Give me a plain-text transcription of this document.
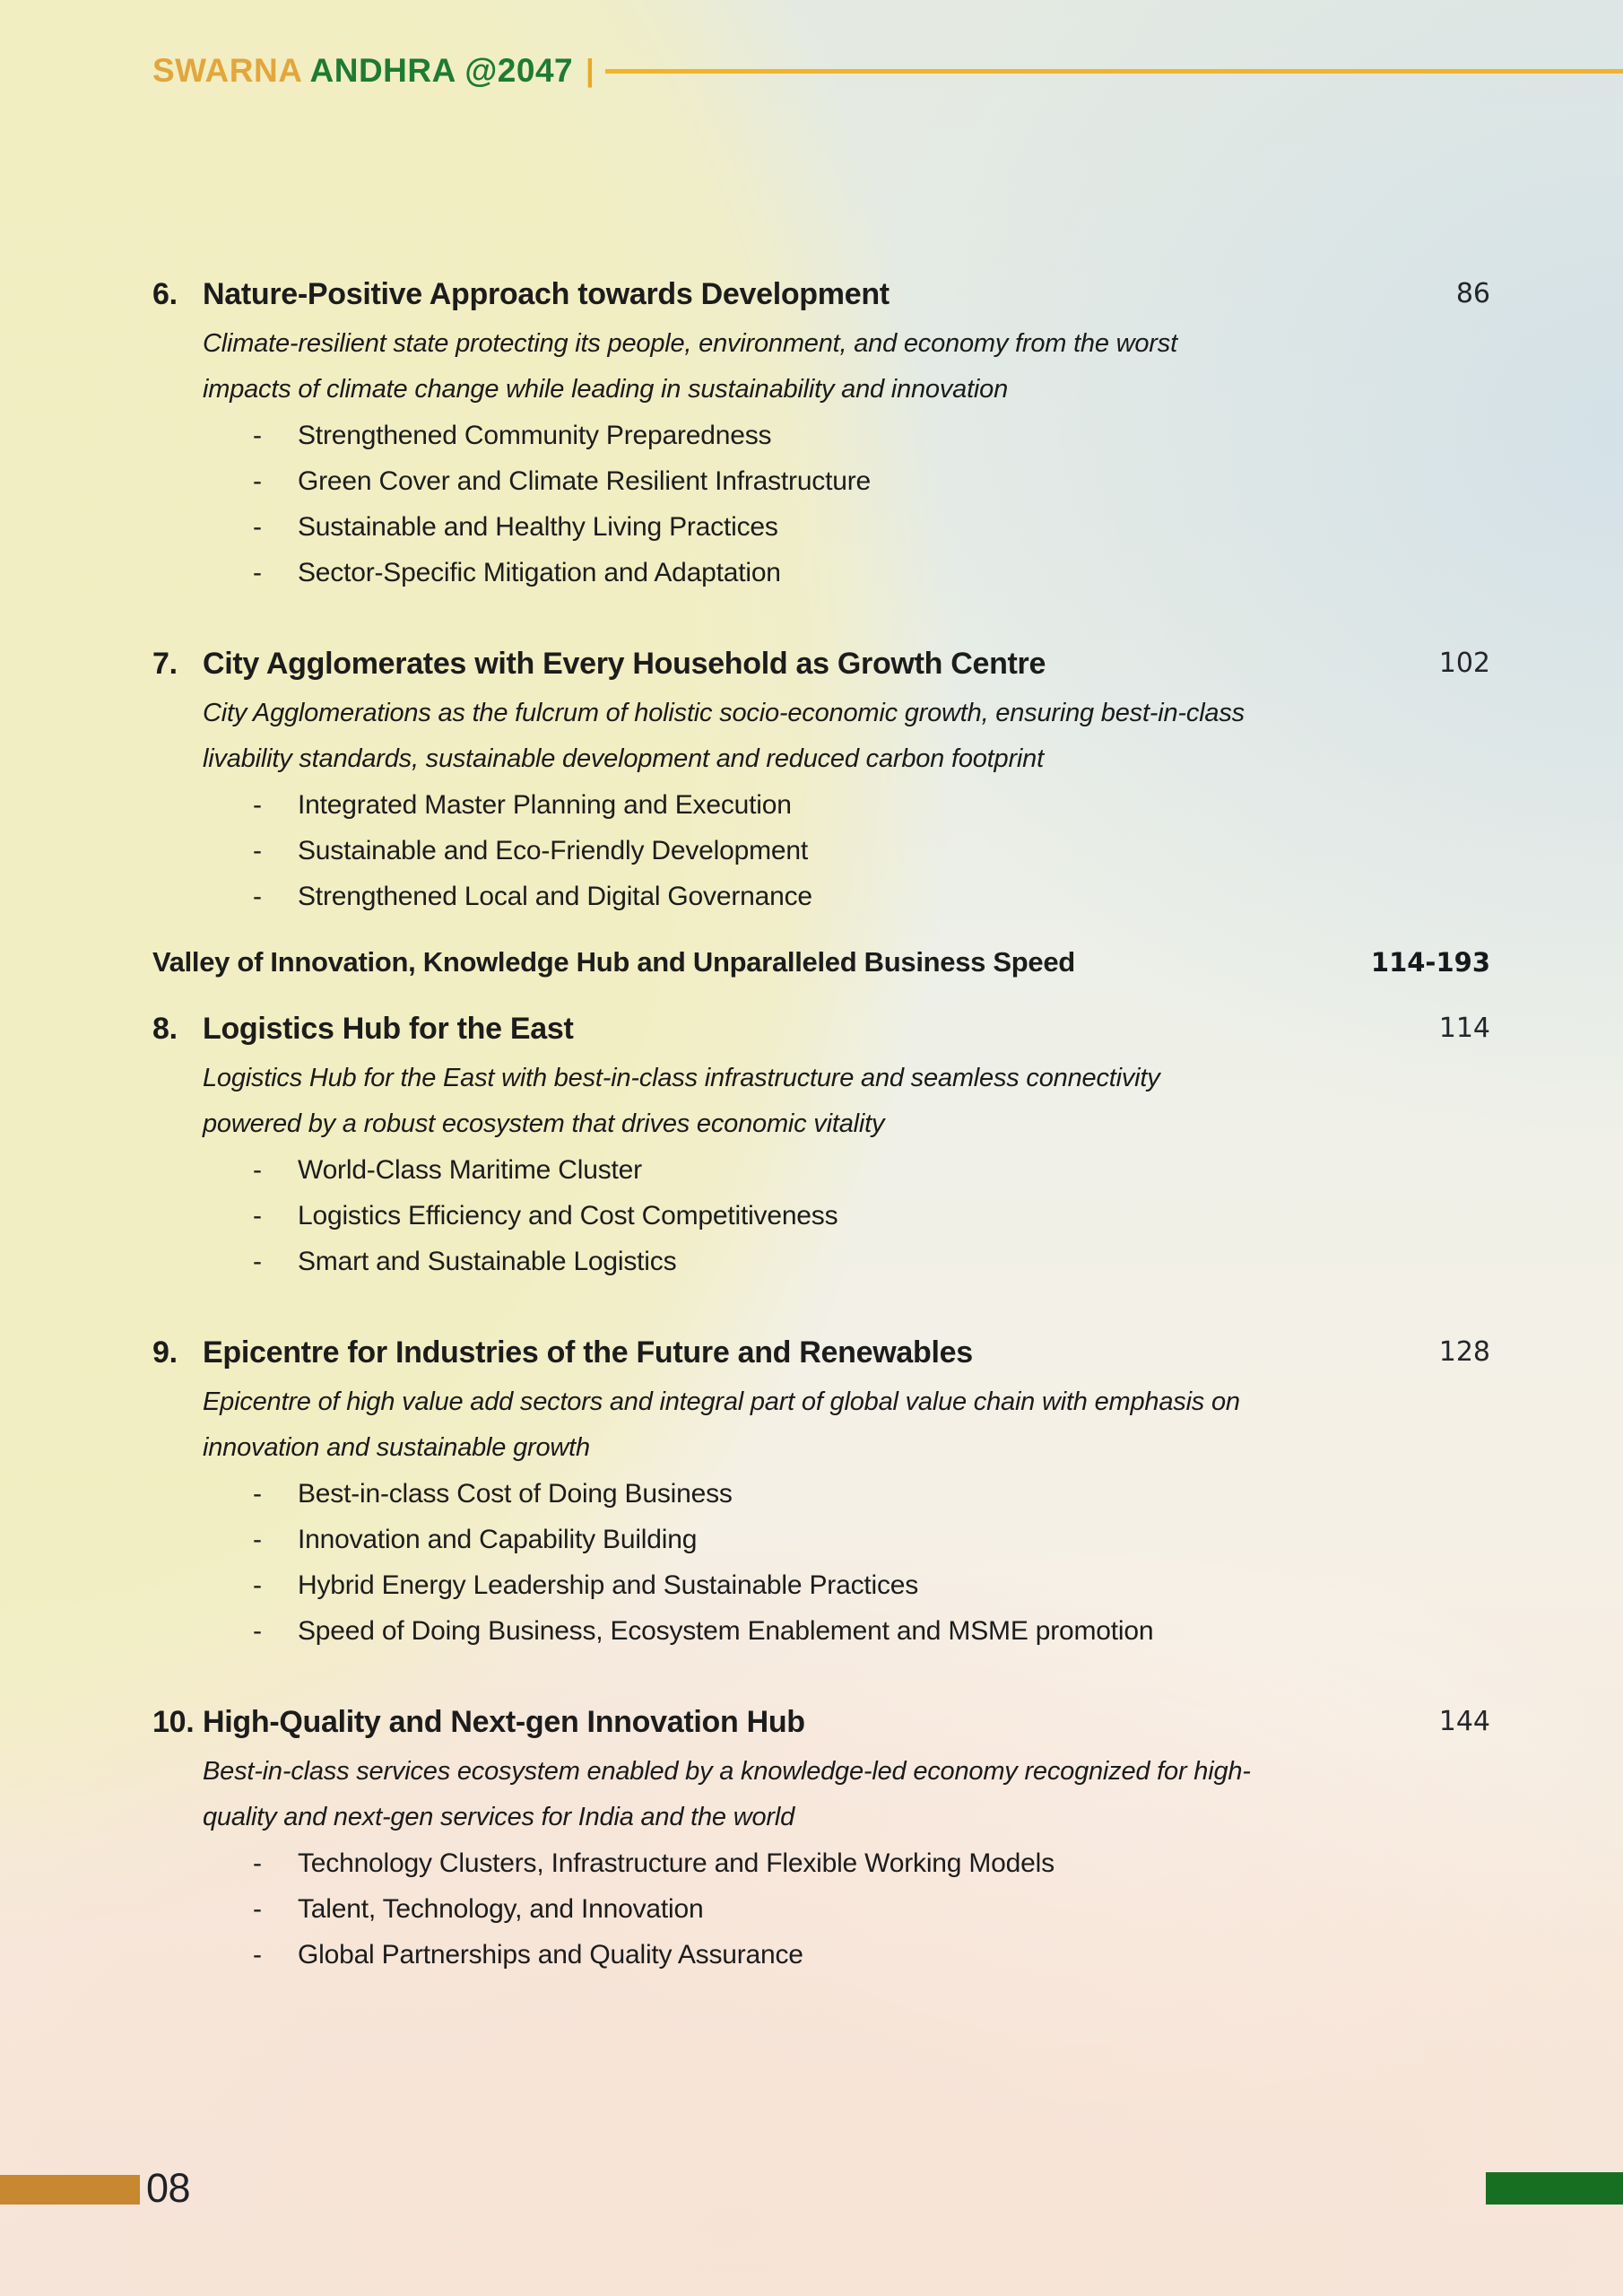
SWARNA ANDHRA @2047 |
6. Nature-Positive Approach towards Development	86

Climate-resilient state protecting its people, environment, and economy from the worst impacts of climate change while leading in sustainability and innovation

-	Strengthened Community Preparedness
-	Green Cover and Climate Resilient Infrastructure
-	Sustainable and Healthy Living Practices
-	Sector-Specific Mitigation and Adaptation
7. City Agglomerates with Every Household as Growth Centre	102

City Agglomerations as the fulcrum of holistic socio-economic growth, ensuring best-in-class livability standards, sustainable development and reduced carbon footprint

-	Integrated Master Planning and Execution
-	Sustainable and Eco-Friendly Development
-	Strengthened Local and Digital Governance
Valley of Innovation, Knowledge Hub and Unparalleled Business Speed	114-193
8. Logistics Hub for the East	114

Logistics Hub for the East with best-in-class infrastructure and seamless connectivity powered by a robust ecosystem that drives economic vitality

-	World-Class Maritime Cluster
-	Logistics Efficiency and Cost Competitiveness
-	Smart and Sustainable Logistics
9. Epicentre for Industries of the Future and Renewables	128

Epicentre of high value add sectors and integral part of global value chain with emphasis on innovation and sustainable growth

-	Best-in-class Cost of Doing Business
-	Innovation and Capability Building
-	Hybrid Energy Leadership and Sustainable Practices
-	Speed of Doing Business, Ecosystem Enablement and MSME promotion
10. High-Quality and Next-gen Innovation Hub	144

Best-in-class services ecosystem enabled by a knowledge-led economy recognized for high-quality and next-gen services for India and the world

-	Technology Clusters, Infrastructure and Flexible Working Models
-	Talent, Technology, and Innovation
-	Global Partnerships and Quality Assurance
08
